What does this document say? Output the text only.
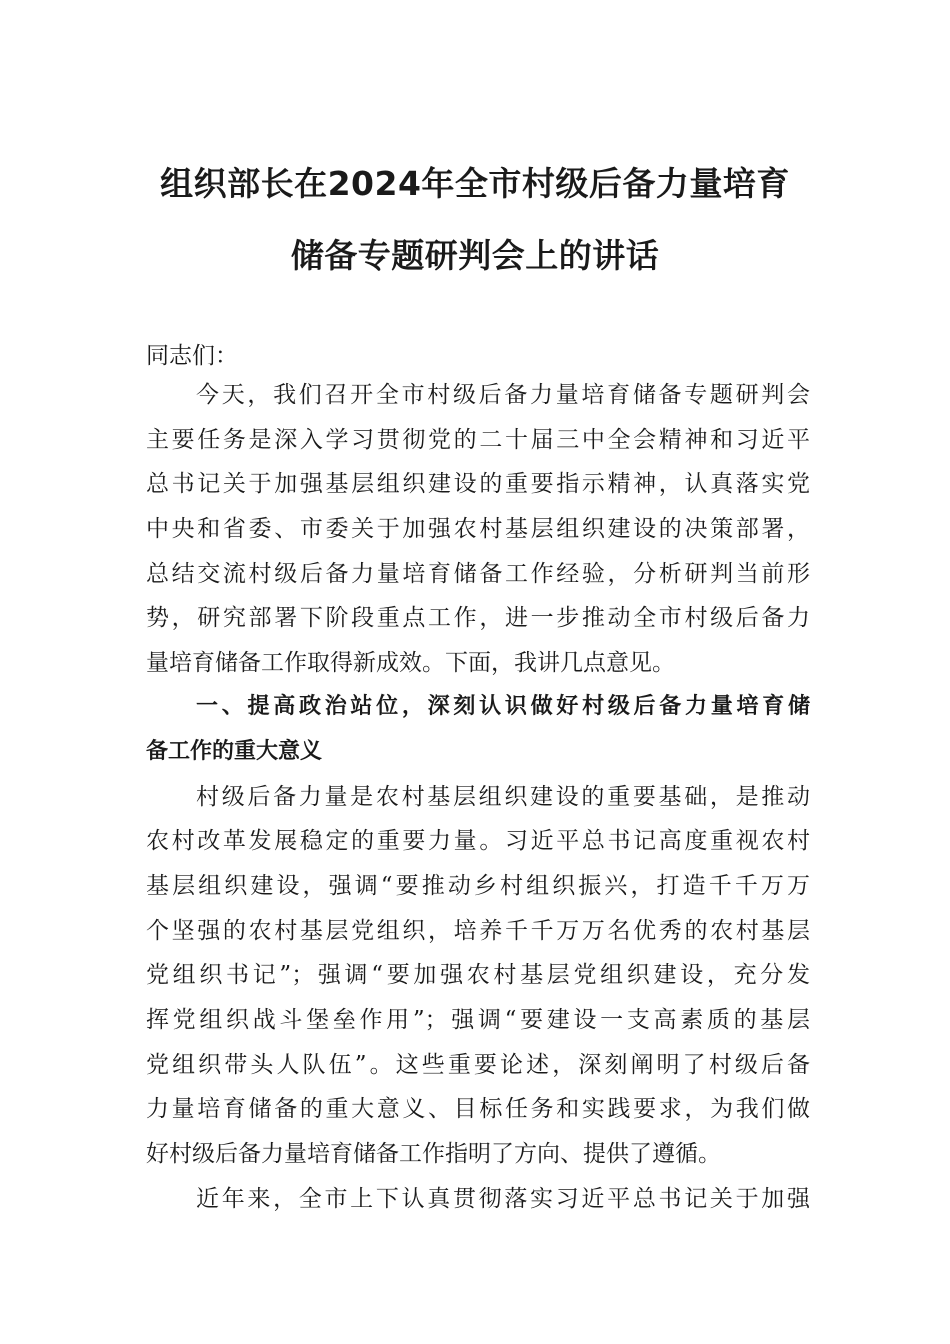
组织部长在2024年全市村级后备力量培育
储备专题研判会上的讲话

同志们：

今天，我们召开全市村级后备力量培育储备专题研判会

主要任务是深入学习贯彻党的二十届三中全会精神和习近平

总书记关于加强基层组织建设的重要指示精神，认真落实党

中央和省委、市委关于加强农村基层组织建设的决策部署，

总结交流村级后备力量培育储备工作经验，分析研判当前形

势，研究部署下阶段重点工作，进一步推动全市村级后备力

量培育储备工作取得新成效。下面，我讲几点意见。

一、提高政治站位，深刻认识做好村级后备力量培育储

备工作的重大意义

村级后备力量是农村基层组织建设的重要基础，是推动

农村改革发展稳定的重要力量。习近平总书记高度重视农村

基层组织建设，强调“要推动乡村组织振兴，打造千千万万

个坚强的农村基层党组织，培养千千万万名优秀的农村基层

党组织书记”；强调“要加强农村基层党组织建设，充分发

挥党组织战斗堡垒作用”；强调“要建设一支高素质的基层

党组织带头人队伍”。这些重要论述，深刻阐明了村级后备

力量培育储备的重大意义、目标任务和实践要求，为我们做

好村级后备力量培育储备工作指明了方向、提供了遵循。

近年来，全市上下认真贯彻落实习近平总书记关于加强
